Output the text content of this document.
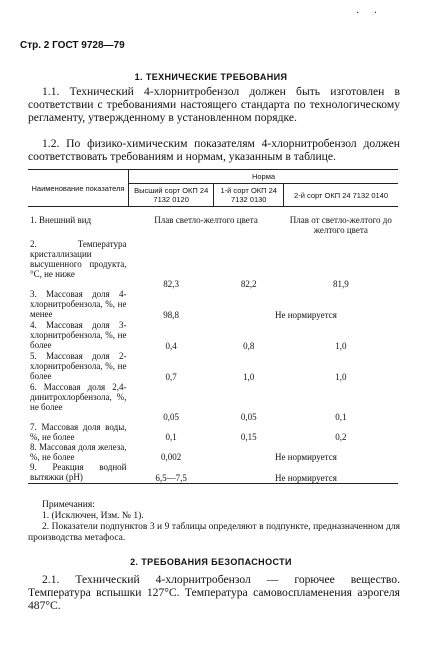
· ·
Стр. 2 ГОСТ 9728—79
1. ТЕХНИЧЕСКИЕ ТРЕБОВАНИЯ
1.1. Технический 4-хлорнитробензол должен быть изготовлен в соответствии с требованиями настоящего стандарта по технологическому регламенту, утвержденному в установленном порядке.
1.2. По физико-химическим показателям 4-хлорнитробензол должен соответствовать требованиям и нормам, указанным в таблице.
Наименование показателя	Норма		
	Высший сорт ОКП 24 7132 0120	1-й сорт ОКП 24 7132 0130	2-й сорт ОКП 24 7132 0140
1. Внешний вид	Плав светло-желтого цвета		Плав от светло-желтого до желтого цвета
2. Температура кристаллизации высушенного продукта, °С, не ниже	82,3	82,2	81,9
3. Массовая доля 4-хлорнитробензола, %, не менее	98,8	Не нормируется	
4. Массовая доля 3-хлорнитробензола, %, не более	0,4	0,8	1,0
5. Массовая доля 2-хлорнитробензола, %, не более	0,7	1,0	1,0
6. Массовая доля 2,4-динитрохлорбензола, %, не более	0,05	0,05	0,1
7. Массовая доля воды, %, не более	0,1	0,15	0,2
8. Массовая доля железа, %, не более	0,002	Не нормируется	
9. Реакция водной вытяжки (pH)	6,5—7,5	Не нормируется	
Примечания:
1. (Исключен, Изм. № 1).
2. Показатели подпунктов 3 и 9 таблицы определяют в подпункте, предназначенном для производства метафоса.
2. ТРЕБОВАНИЯ БЕЗОПАСНОСТИ
2.1. Технический 4-хлорнитробензол — горючее вещество. Температура вспышки 127°С. Температура самовоспламенения аэрогеля 487°С.
